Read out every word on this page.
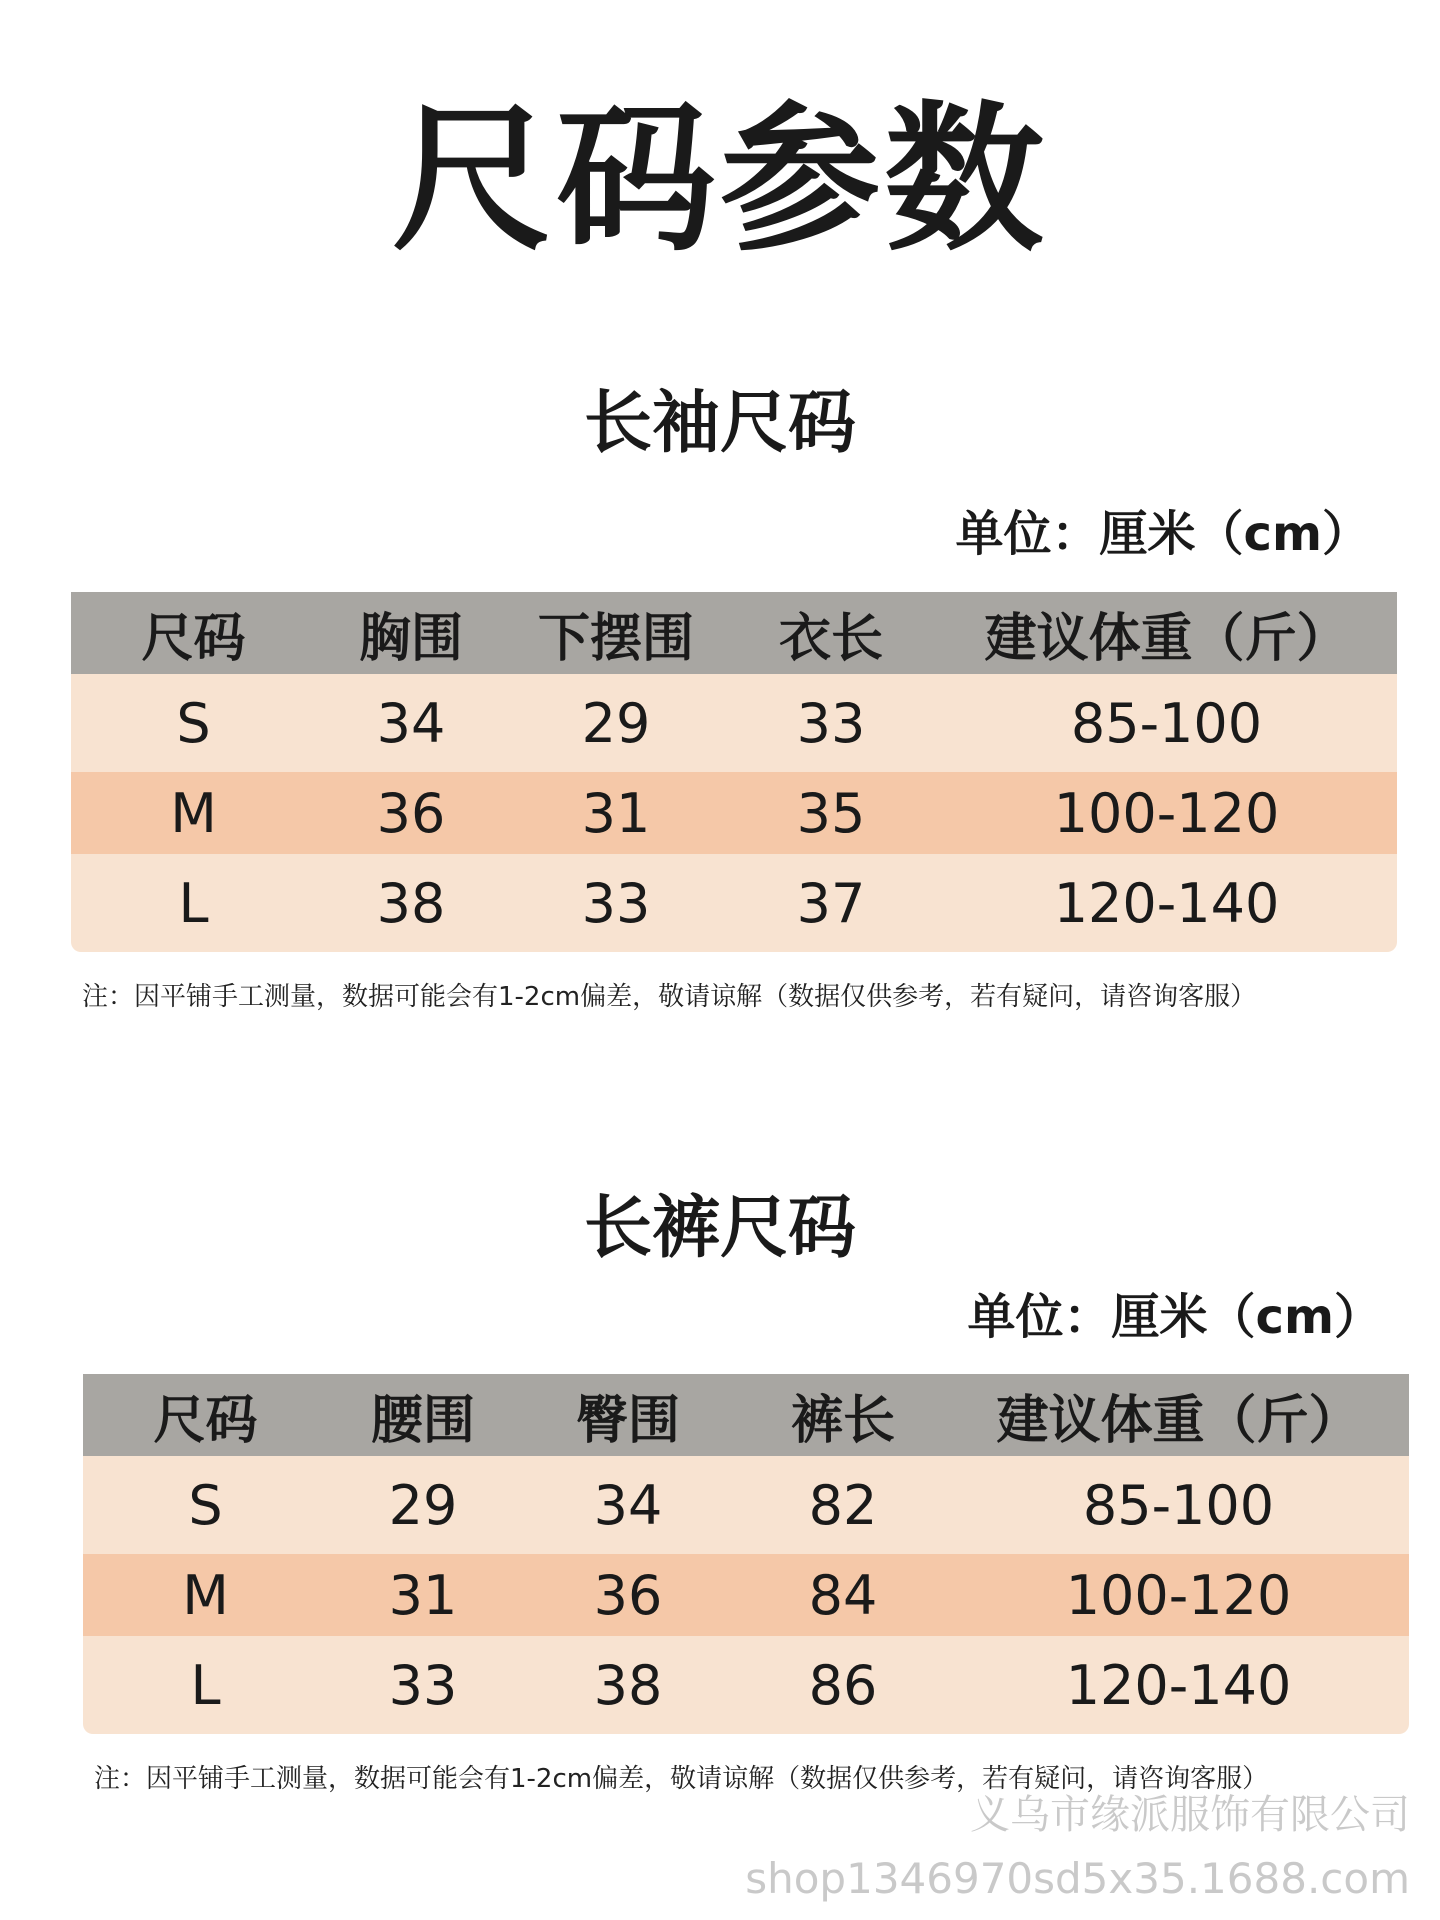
尺码参数
长袖尺码
单位：厘米（cm）
尺码	胸围	下摆围	衣长	建议体重（斤）
S	34	29	33	85-100
M	36	31	35	100-120
L	38	33	37	120-140
注：因平铺手工测量，数据可能会有1-2cm偏差，敬请谅解（数据仅供参考，若有疑问，请咨询客服）
长裤尺码
单位：厘米（cm）
尺码	腰围	臀围	裤长	建议体重（斤）
S	29	34	82	85-100
M	31	36	84	100-120
L	33	38	86	120-140
注：因平铺手工测量，数据可能会有1-2cm偏差，敬请谅解（数据仅供参考，若有疑问，请咨询客服）
义乌市缘派服饰有限公司
shop1346970sd5x35.1688.com
